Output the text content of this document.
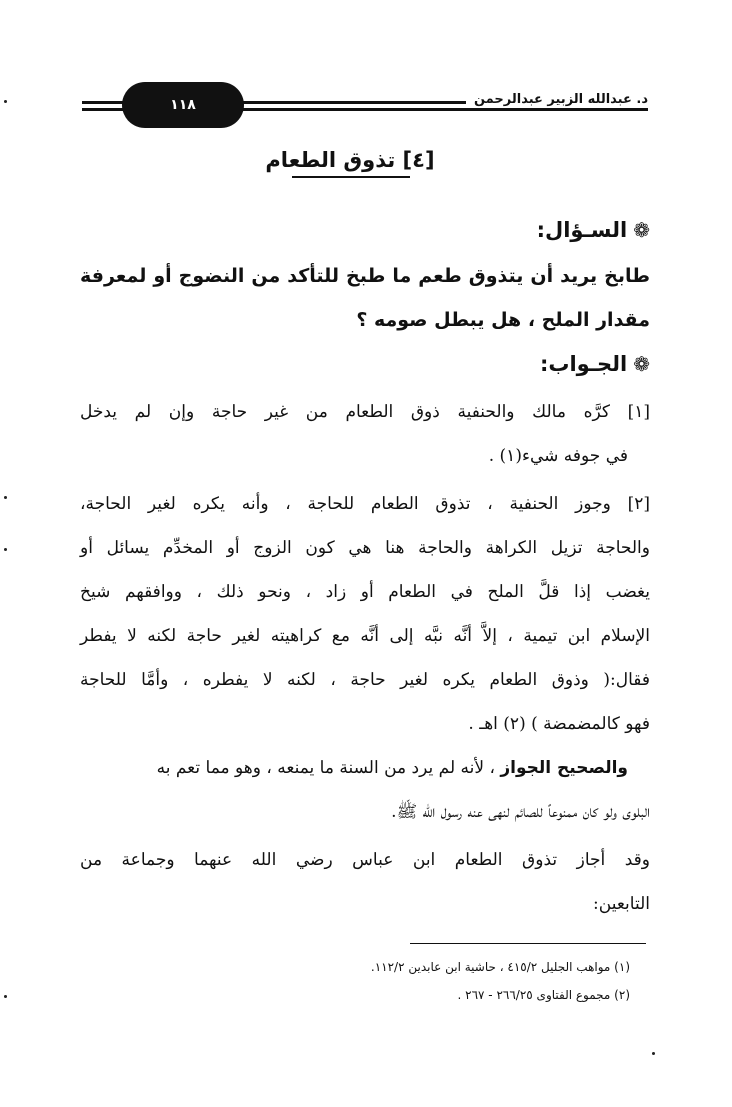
١١٨	د. عبدالله الزبير عبدالرحمن
[٤] تذوق الطعام
❁السـؤال:
طابخ يريد أن يتذوق طعم ما طبخ للتأكد من النضوج أو لمعرفة
مقدار الملح ، هل يبطل صومه ؟
❁الجـواب:
[١] كرَّه مالك والحنفية ذوق الطعام من غير حاجة وإن لم يدخل
في جوفه شيء(١) .
[٢] وجوز الحنفية ، تذوق الطعام للحاجة ، وأنه يكره لغير الحاجة،
والحاجة تزيل الكراهة والحاجة هنا هي كون الزوج أو المخدِّم يسائل أو
يغضب إذا قلَّ الملح في الطعام أو زاد ، ونحو ذلك ، ووافقهم شيخ
الإسلام ابن تيمية ، إلاَّ أنَّه نبَّه إلى أنَّه مع كراهيته لغير حاجة لكنه لا يفطر
فقال:( وذوق الطعام يكره لغير حاجة ، لكنه لا يفطره ، وأمَّا للحاجة
فهو كالمضمضة ) (٢) اهـ .
والصحيح الجواز ، لأنه لم يرد من السنة ما يمنعه ، وهو مما تعم به
البلوى ولو كان ممنوعاً للصائم لنهى عنه رسول الله ﷺ.
وقد أجاز تذوق الطعام ابن عباس رضي الله عنهما وجماعة من
التابعين:
(١) مواهب الجليل ٤١٥/٢ ، حاشية ابن عابدين ١١٢/٢.
(٢) مجموع الفتاوى ٢٦٦/٢٥ - ٢٦٧ .
